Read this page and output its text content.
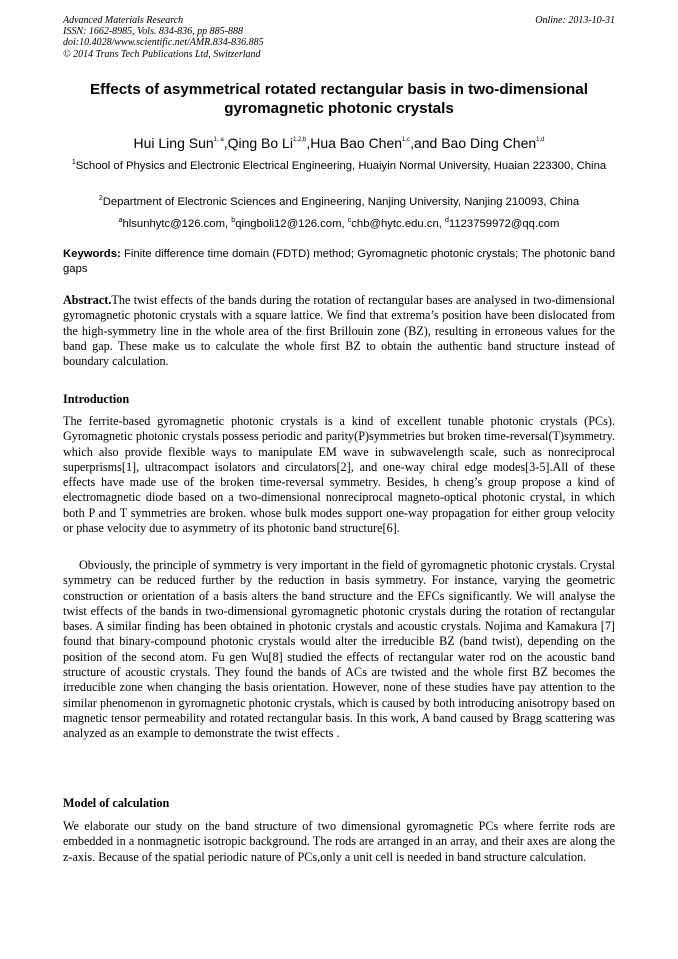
Advanced Materials Research
ISSN: 1662-8985, Vols. 834-836, pp 885-888
doi:10.4028/www.scientific.net/AMR.834-836.885
© 2014 Trans Tech Publications Ltd, Switzerland
Online: 2013-10-31
Effects of asymmetrical rotated rectangular basis in two-dimensional gyromagnetic photonic crystals
Hui Ling Sun$^{1, a}$,Qing Bo Li$^{1,2,b}$,Hua Bao Chen$^{1,c}$,and Bao Ding Chen$^{1,d}$
$^1$School of Physics and Electronic Electrical Engineering, Huaiyin Normal University, Huaian 223300, China
$^2$Department of Electronic Sciences and Engineering, Nanjing University, Nanjing 210093, China
$^a$hlsunhytc@126.com, $^b$qingboli12@126.com, $^c$chb@hytc.edu.cn, $^d$1123759972@qq.com
Keywords: Finite difference time domain (FDTD) method; Gyromagnetic photonic crystals; The photonic band gaps
Abstract.The twist effects of the bands during the rotation of rectangular bases are analysed in two-dimensional gyromagnetic photonic crystals with a square lattice. We find that extrema’s position have been dislocated from the high-symmetry line in the whole area of the first Brillouin zone (BZ), resulting in erroneous values for the band gap. These make us to calculate the whole first BZ to obtain the authentic band structure instead of boundary calculation.
Introduction
The ferrite-based gyromagnetic photonic crystals is a kind of excellent tunable photonic crystals (PCs). Gyromagnetic photonic crystals possess periodic and parity(P)symmetries but broken time-reversal(T)symmetry. which also provide flexible ways to manipulate EM wave in subwavelength scale, such as nonreciprocal superprisms[1], ultracompact isolators and circulators[2], and one-way chiral edge modes[3-5].All of these effects have made use of the broken time-reversal symmetry. Besides, h cheng’s group propose a kind of electromagnetic diode based on a two-dimensional nonreciprocal magneto-optical photonic crystal, in which both P and T symmetries are broken. whose bulk modes support one-way propagation for either group velocity or phase velocity due to asymmetry of its photonic band structure[6].
Obviously, the principle of symmetry is very important in the field of gyromagnetic photonic crystals. Crystal symmetry can be reduced further by the reduction in basis symmetry. For instance, varying the geometric construction or orientation of a basis alters the band structure and the EFCs significantly. We will analyse the twist effects of the bands in two-dimensional gyromagnetic photonic crystals during the rotation of rectangular bases. A similar finding has been obtained in photonic crystals and acoustic crystals. Nojima and Kamakura [7] found that binary-compound photonic crystals would alter the irreducible BZ (band twist), depending on the position of the second atom. Fu gen Wu[8] studied the effects of rectangular water rod on the acoustic band structure of acoustic crystals. They found the bands of ACs are twisted and the whole first BZ becomes the irreducible zone when changing the basis orientation. However, none of these studies have pay attention to the similar phenomenon in gyromagnetic photonic crystals, which is caused by both introducing anisotropy based on magnetic tensor permeability and rotated rectangular basis. In this work, A band caused by Bragg scattering was analyzed as an example to demonstrate the twist effects .
Model of calculation
We elaborate our study on the band structure of two dimensional gyromagnetic PCs where ferrite rods are embedded in a nonmagnetic isotropic background. The rods are arranged in an array, and their axes are along the z-axis. Because of the spatial periodic nature of PCs,only a unit cell is needed in band structure calculation.
